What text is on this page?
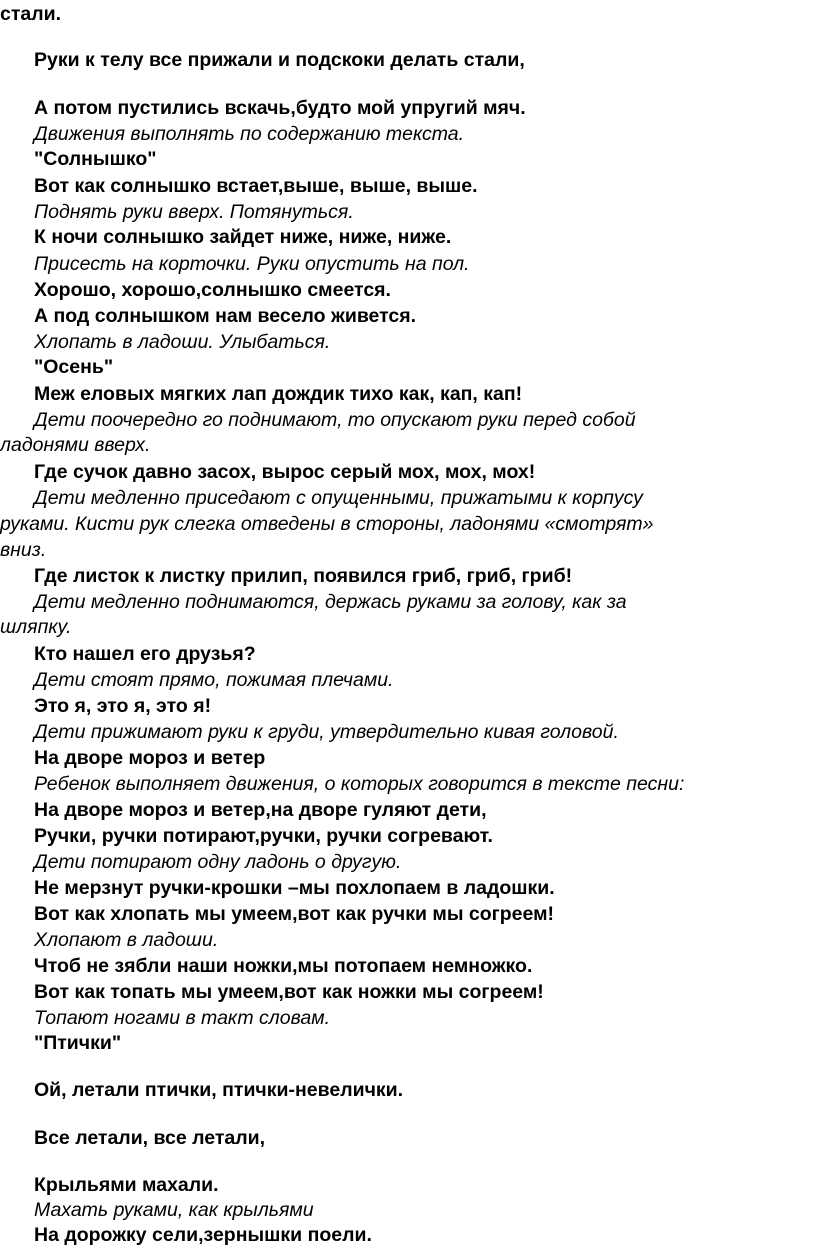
стали.
Руки к телу все прижали и подскоки делать стали,
А потом пустились вскачь,будто мой упругий мяч.
Движения выполнять по содержанию текста.
"Солнышко"
Вот как солнышко встает,выше, выше, выше.
Поднять руки вверх. Потянуться.
К ночи солнышко зайдет ниже, ниже, ниже.
Присесть на корточки. Руки опустить на пол.
Хорошо, хорошо,солнышко смеется.
А под солнышком нам весело живется.
Хлопать в ладоши. Улыбаться.
"Осень"
Меж еловых мягких лап дождик тихо как, кап, кап!
Дети поочередно го поднимают, то опускают руки перед собой
ладонями вверх.
Где сучок давно засох, вырос серый мох, мох, мох!
Дети медленно приседают с опущенными, прижатыми к корпусу
руками. Кисти рук слегка отведены в стороны, ладонями «смотрят»
вниз.
Где листок к листку прилип, появился гриб, гриб, гриб!
Дети медленно поднимаются, держась руками за голову, как за
шляпку.
Кто нашел его друзья?
Дети стоят прямо, пожимая плечами.
Это я, это я, это я!
Дети прижимают руки к груди, утвердительно кивая головой.
На дворе мороз и ветер
Ребенок выполняет движения, о которых говорится в тексте песни:
На дворе мороз и ветер,на дворе гуляют дети,
Ручки, ручки потирают,ручки, ручки согревают.
Дети потирают одну ладонь о другую.
Не мерзнут ручки-крошки –мы похлопаем в ладошки.
Вот как хлопать мы умеем,вот как ручки мы согреем!
Хлопают в ладоши.
Чтоб не зябли наши ножки,мы потопаем немножко.
Вот как топать мы умеем,вот как ножки мы согреем!
Топают ногами в такт словам.
"Птички"
Ой, летали птички, птички-невелички.
Все летали, все летали,
Крыльями махали.
Махать руками, как крыльями
На дорожку сели,зернышки поели.
